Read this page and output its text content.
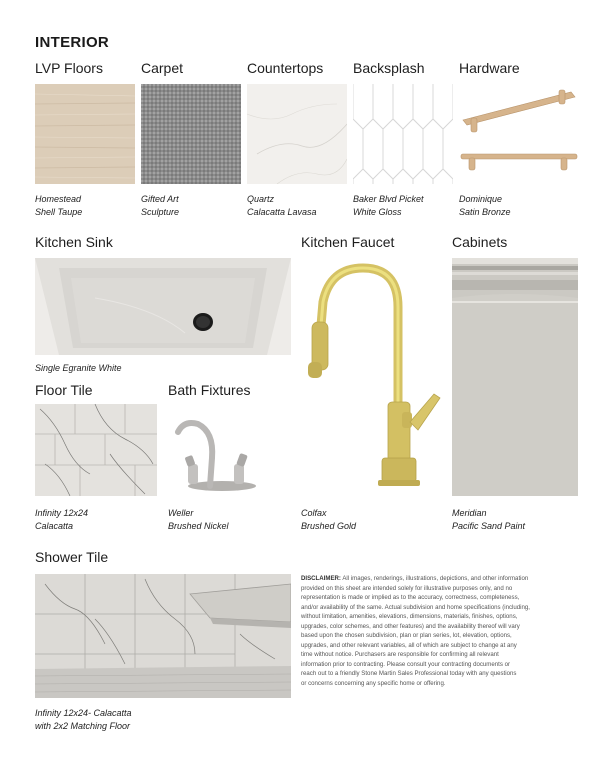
INTERIOR
LVP Floors	Carpet	Countertops Backsplash Hardware
Homestead
Shell Taupe
Gifted Art
Sculpture
Quartz
Calacatta Lavasa
Baker Blvd Picket
White Gloss
Dominique
Satin Bronze
Kitchen Sink	Kitchen Faucet	Cabinets
Single Egranite White
Colfax
Brushed Gold
Meridian
Pacific Sand Paint
Floor Tile	Bath Fixtures
Infinity 12x24
Calacatta
Weller
Brushed Nickel
Shower Tile
Infinity 12x24- Calacatta
with 2x2 Matching Floor
DISCLAIMER: All images, renderings, illustrations, depictions, and other information
provided on this sheet are intended solely for illustrative purposes only, and no
representation is made or implied as to the accuracy, correctness, completeness,
and/or availability of the same. Actual subdivision and home specifications (including,
without limitation, amenities, elevations, dimensions, materials, finishes, options,
upgrades, color schemes, and other features) and the availability thereof will vary
based upon the chosen subdivision, plan or plan series, lot, elevation, options,
upgrades, and other relevant variables, all of which are subject to change at any
time without notice. Purchasers are responsible for confirming all relevant
information prior to contracting. Please consult your contracting documents or
reach out to a friendly Stone Martin Sales Professional today with any questions
or concerns concerning any specific home or offering.
